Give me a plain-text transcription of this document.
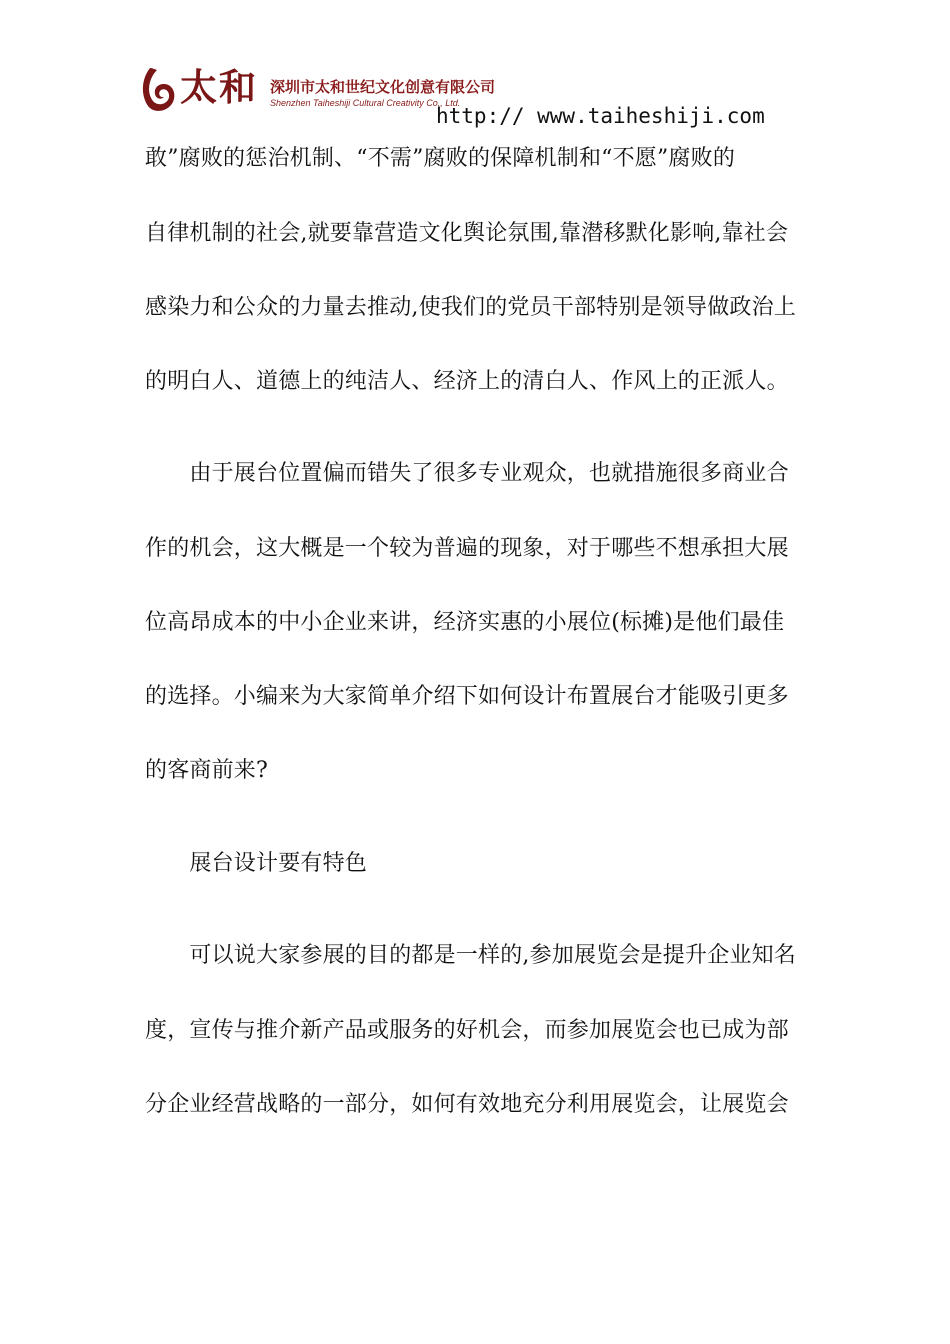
太和 深圳市太和世纪文化创意有限公司
Shenzhen Taiheshiji Cultural Creativity Co., Ltd.
http:// www.taiheshiji.com
敢”腐败的惩治机制、“不需”腐败的保障机制和“不愿”腐败的
自律机制的社会,就要靠营造文化舆论氛围,靠潜移默化影响,靠社会
感染力和公众的力量去推动,使我们的党员干部特别是领导做政治上
的明白人、道德上的纯洁人、经济上的清白人、作风上的正派人。
　　由于展台位置偏而错失了很多专业观众，也就措施很多商业合
作的机会，这大概是一个较为普遍的现象，对于哪些不想承担大展
位高昂成本的中小企业来讲，经济实惠的小展位(标摊)是他们最佳
的选择。小编来为大家简单介绍下如何设计布置展台才能吸引更多
的客商前来?
　　展台设计要有特色
　　可以说大家参展的目的都是一样的,参加展览会是提升企业知名
度，宣传与推介新产品或服务的好机会，而参加展览会也已成为部
分企业经营战略的一部分，如何有效地充分利用展览会，让展览会
